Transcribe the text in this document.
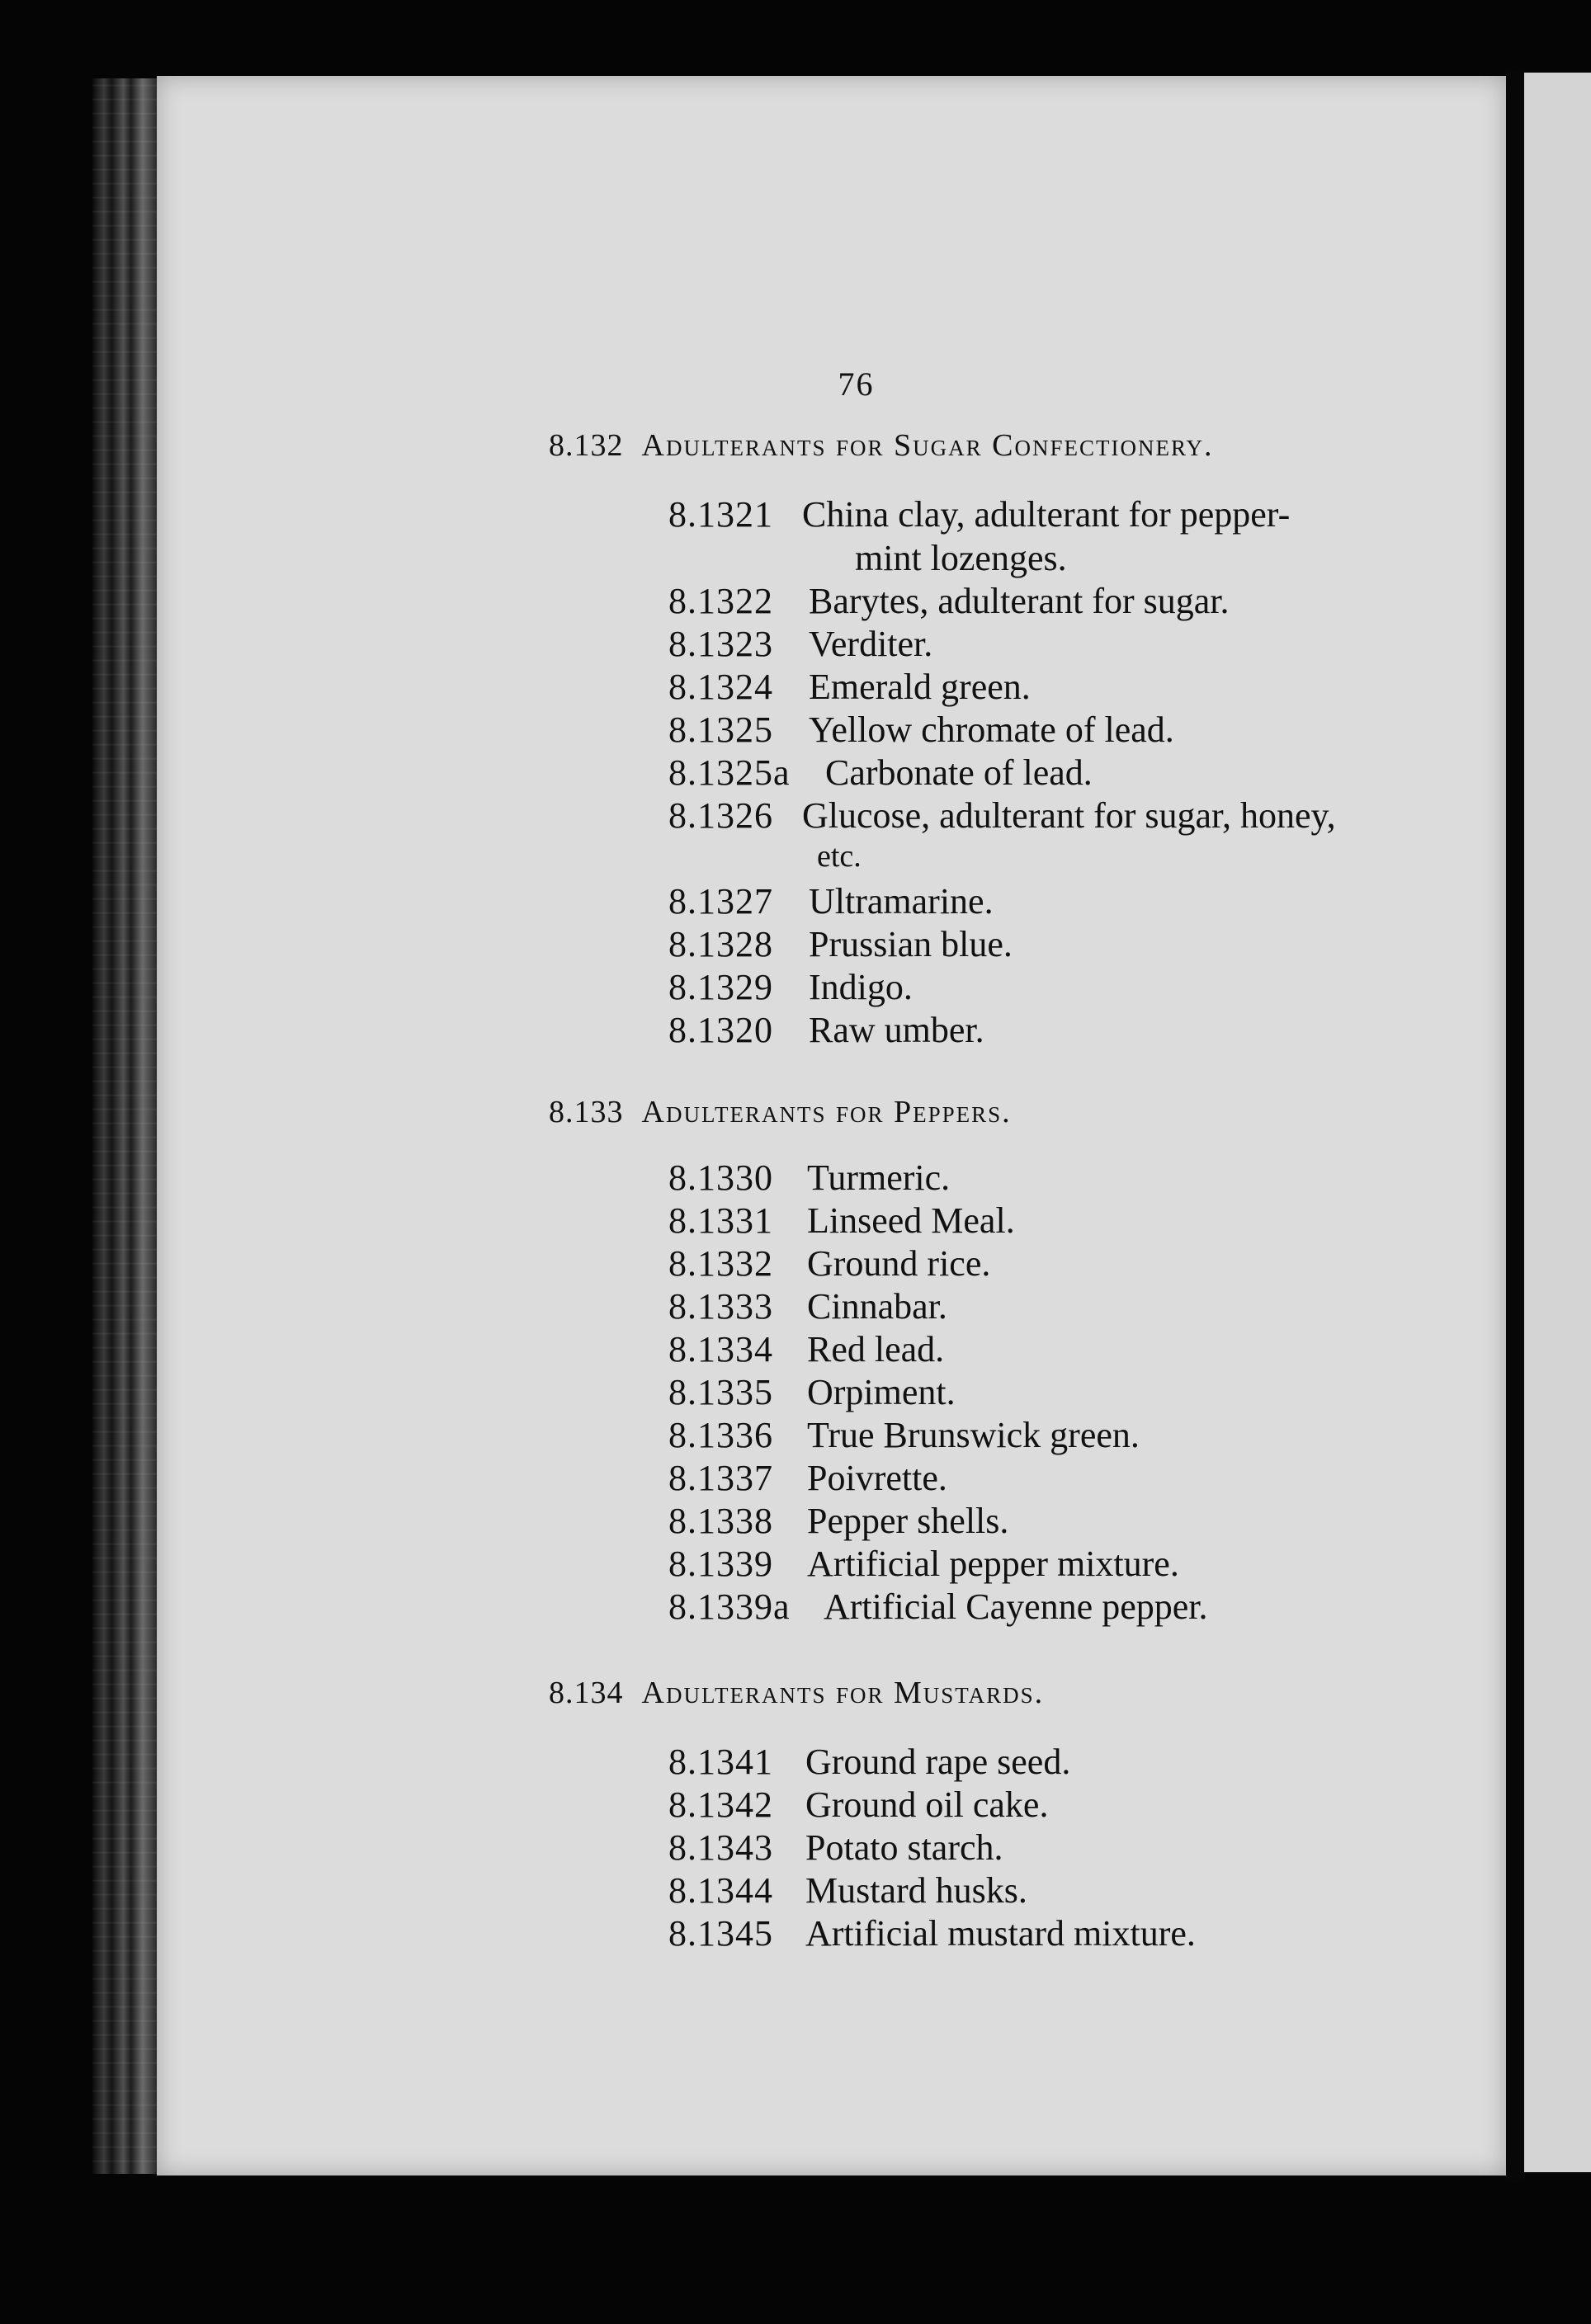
76
8.132 Adulterants for Sugar Confectionery.
8.133 Adulterants for Peppers.
8.134 Adulterants for Mustards.
8.1321 China clay, adulterant for pepper-
mint lozenges.
8.1322 Barytes, adulterant for sugar.
8.1323 Verditer.
8.1324 Emerald green.
8.1325 Yellow chromate of lead.
8.1325a Carbonate of lead.
8.1326 Glucose, adulterant for sugar, honey,
etc.
8.1327 Ultramarine.
8.1328 Prussian blue.
8.1329 Indigo.
8.1320 Raw umber.
8.1330 Turmeric.
8.1331 Linseed Meal.
8.1332 Ground rice.
8.1333 Cinnabar.
8.1334 Red lead.
8.1335 Orpiment.
8.1336 True Brunswick green.
8.1337 Poivrette.
8.1338 Pepper shells.
8.1339 Artificial pepper mixture.
8.1339a Artificial Cayenne pepper.
8.1341 Ground rape seed.
8.1342 Ground oil cake.
8.1343 Potato starch.
8.1344 Mustard husks.
8.1345 Artificial mustard mixture.
